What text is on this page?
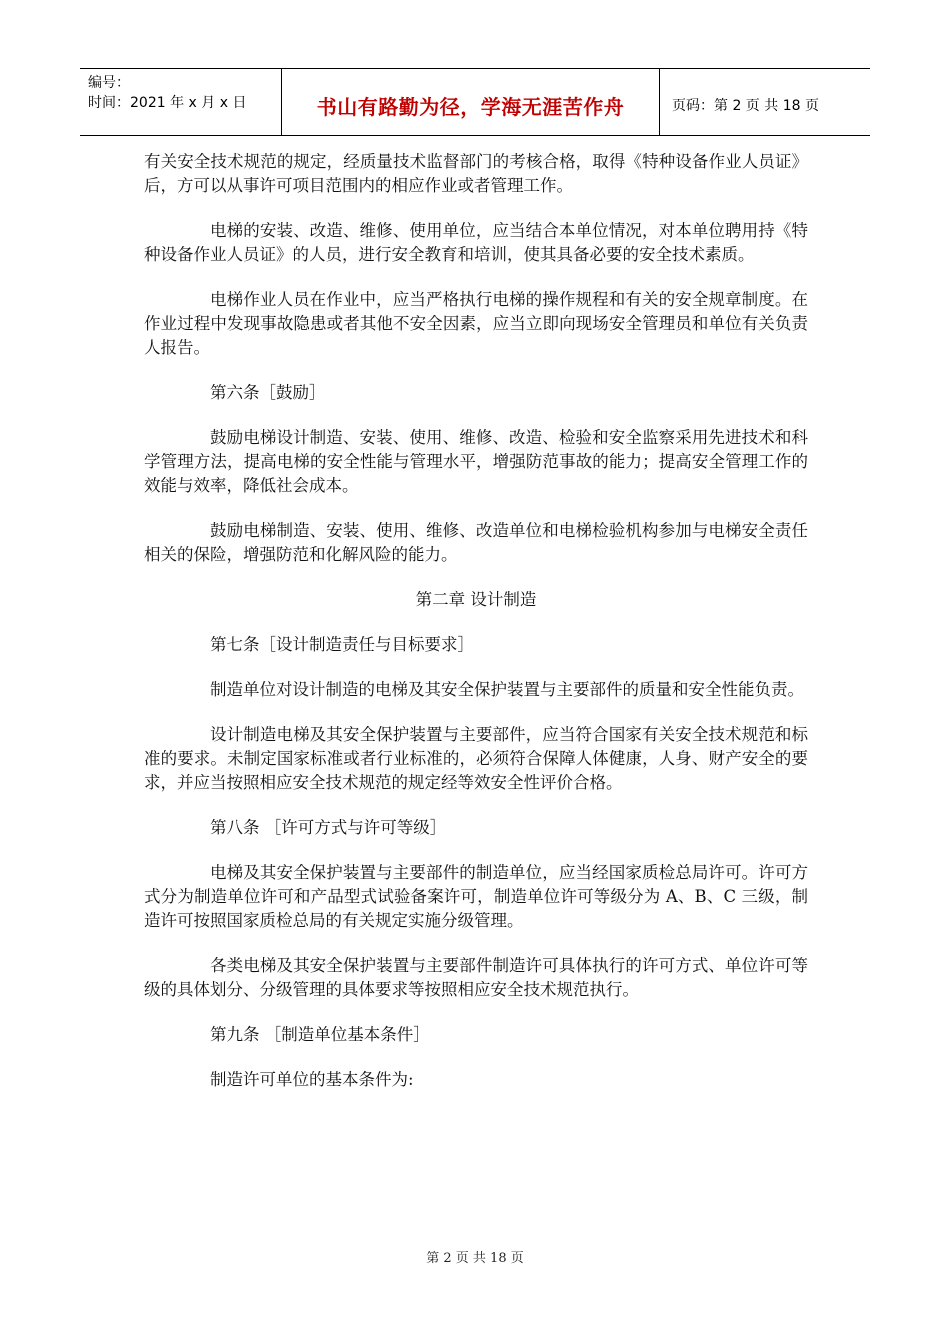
编号：
时间：2021 年 x 月 x 日	书山有路勤为径，学海无涯苦作舟	页码：第 2 页 共 18 页

有关安全技术规范的规定，经质量技术监督部门的考核合格，取得《特种设备作业人员证》后，方可以从事许可项目范围内的相应作业或者管理工作。

电梯的安装、改造、维修、使用单位，应当结合本单位情况，对本单位聘用持《特种设备作业人员证》的人员，进行安全教育和培训，使其具备必要的安全技术素质。

电梯作业人员在作业中，应当严格执行电梯的操作规程和有关的安全规章制度。在作业过程中发现事故隐患或者其他不安全因素，应当立即向现场安全管理员和单位有关负责人报告。

第六条［鼓励］

鼓励电梯设计制造、安装、使用、维修、改造、检验和安全监察采用先进技术和科学管理方法，提高电梯的安全性能与管理水平，增强防范事故的能力；提高安全管理工作的效能与效率，降低社会成本。

鼓励电梯制造、安装、使用、维修、改造单位和电梯检验机构参加与电梯安全责任相关的保险，增强防范和化解风险的能力。

第二章 设计制造

第七条［设计制造责任与目标要求］

制造单位对设计制造的电梯及其安全保护装置与主要部件的质量和安全性能负责。

设计制造电梯及其安全保护装置与主要部件，应当符合国家有关安全技术规范和标准的要求。未制定国家标准或者行业标准的，必须符合保障人体健康，人身、财产安全的要求，并应当按照相应安全技术规范的规定经等效安全性评价合格。

第八条 ［许可方式与许可等级］

电梯及其安全保护装置与主要部件的制造单位，应当经国家质检总局许可。许可方式分为制造单位许可和产品型式试验备案许可，制造单位许可等级分为 A、B、C 三级，制造许可按照国家质检总局的有关规定实施分级管理。

各类电梯及其安全保护装置与主要部件制造许可具体执行的许可方式、单位许可等级的具体划分、分级管理的具体要求等按照相应安全技术规范执行。

第九条 ［制造单位基本条件］

制造许可单位的基本条件为:

第 2 页 共 18 页
